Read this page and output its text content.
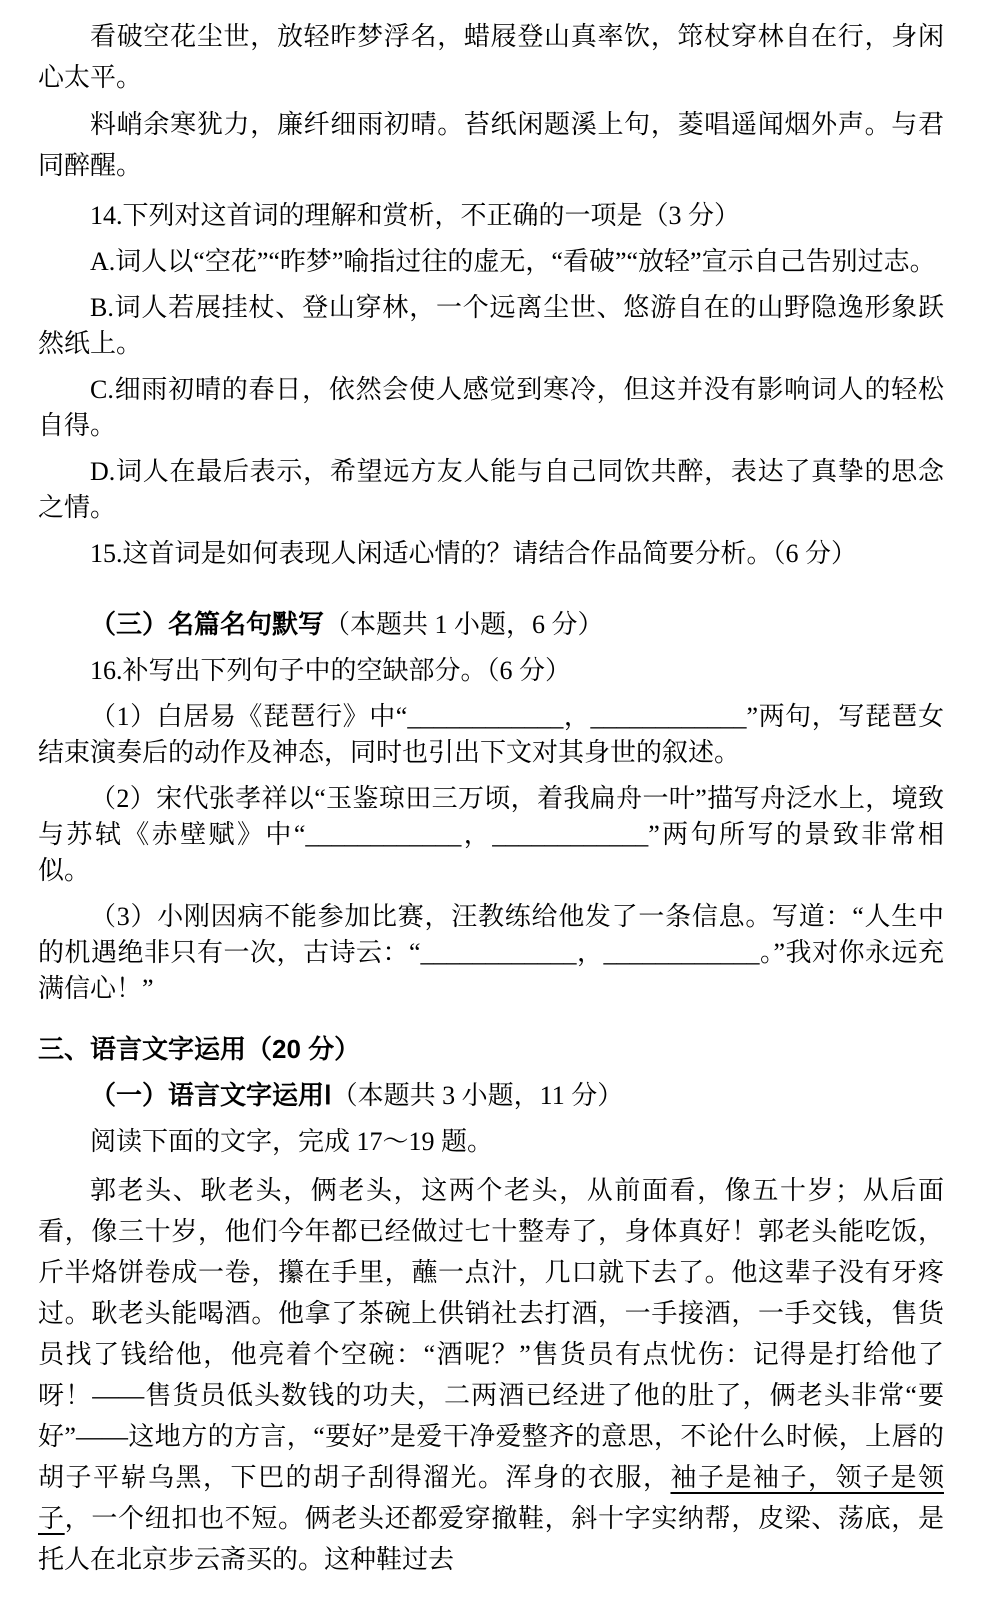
看破空花尘世，放轻昨梦浮名，蜡屐登山真率饮，筇杖穿林自在行，身闲心太平。

料峭余寒犹力，廉纤细雨初晴。苔纸闲题溪上句，菱唱遥闻烟外声。与君同醉醒。

14.下列对这首词的理解和赏析，不正确的一项是（3 分）

A.词人以“空花”“昨梦”喻指过往的虚无，“看破”“放轻”宣示自己告别过志。

B.词人若展挂杖、登山穿林，一个远离尘世、悠游自在的山野隐逸形象跃然纸上。

C.细雨初晴的春日，依然会使人感觉到寒冷，但这并没有影响词人的轻松自得。

D.词人在最后表示，希望远方友人能与自己同饮共醉，表达了真挚的思念之情。

15.这首词是如何表现人闲适心情的？请结合作品简要分析。（6 分）

（三）名篇名句默写（本题共 1 小题，6 分）

16.补写出下列句子中的空缺部分。（6 分）

（1）白居易《琵琶行》中“____________，____________”两句，写琵琶女结束演奏后的动作及神态，同时也引出下文对其身世的叙述。

（2）宋代张孝祥以“玉鉴琼田三万顷，着我扁舟一叶”描写舟泛水上，境致与苏轼《赤壁赋》中“____________，____________”两句所写的景致非常相似。

（3）小刚因病不能参加比赛，汪教练给他发了一条信息。写道：“人生中的机遇绝非只有一次，古诗云：“____________，____________。”我对你永远充满信心！”

三、语言文字运用（20 分）

（一）语言文字运用Ⅰ（本题共 3 小题，11 分）

阅读下面的文字，完成 17～19 题。

郭老头、耿老头，俩老头，这两个老头，从前面看，像五十岁；从后面看，像三十岁，他们今年都已经做过七十整寿了，身体真好！郭老头能吃饭，斤半烙饼卷成一卷，攥在手里，蘸一点汁，几口就下去了。他这辈子没有牙疼过。耿老头能喝酒。他拿了茶碗上供销社去打酒，一手接酒，一手交钱，售货员找了钱给他，他亮着个空碗：“酒呢？”售货员有点忧伤：记得是打给他了呀！——售货员低头数钱的功夫，二两酒已经进了他的肚了，俩老头非常“要好”——这地方的方言，“要好”是爱干净爱整齐的意思，不论什么时候，上唇的胡子平崭乌黑，下巴的胡子刮得溜光。浑身的衣服，袖子是袖子，领子是领子，一个纽扣也不短。俩老头还都爱穿撤鞋，斜十字实纳帮，皮梁、荡底，是托人在北京步云斋买的。这种鞋过去
